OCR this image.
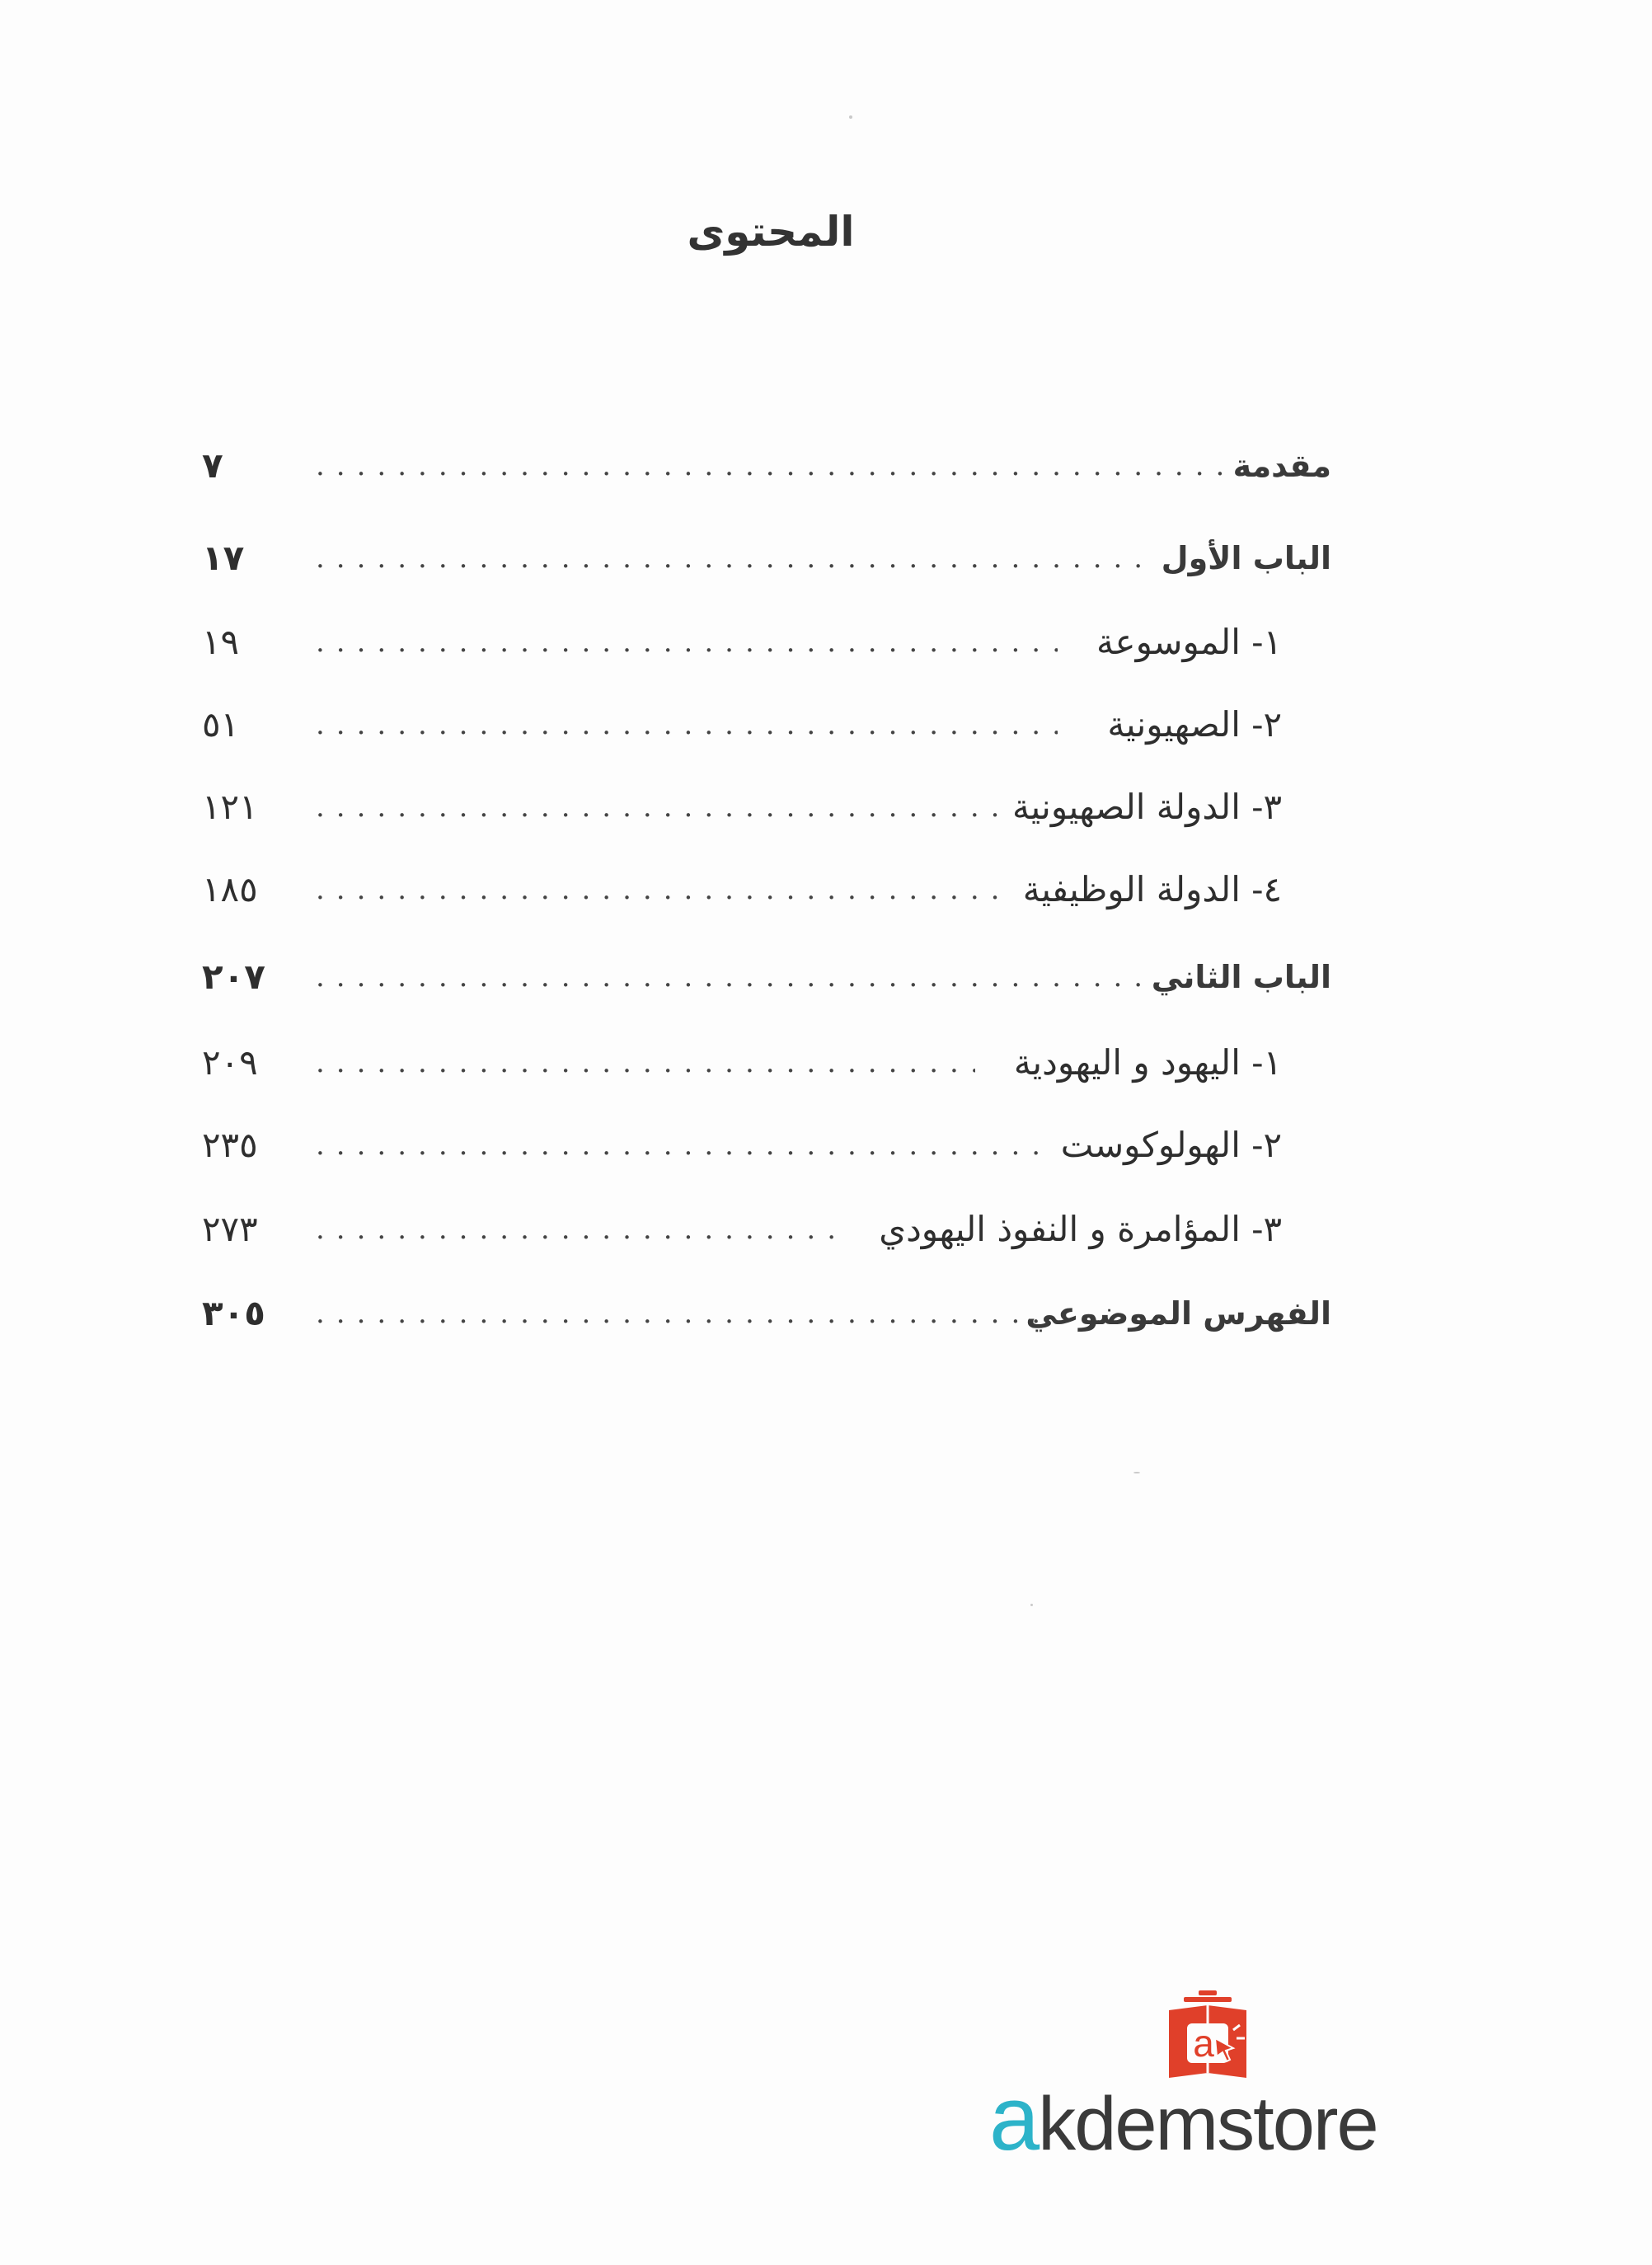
المحتوى
مقدمة
.....
٧
الباب الأول
.....
١٧
١- الموسوعة
.....
١٩
٢- الصهيونية
.....
٥١
٣- الدولة الصهيونية
.....
١٢١
٤- الدولة الوظيفية
.....
١٨٥
الباب الثاني
.....
٢٠٧
١- اليهود و اليهودية
.....
٢٠٩
٢- الهولوكوست
.....
٢٣٥
٣- المؤامرة و النفوذ اليهودي
.....
٢٧٣
الفهرس الموضوعي
.....
٣٠٥
a
akdemstore
